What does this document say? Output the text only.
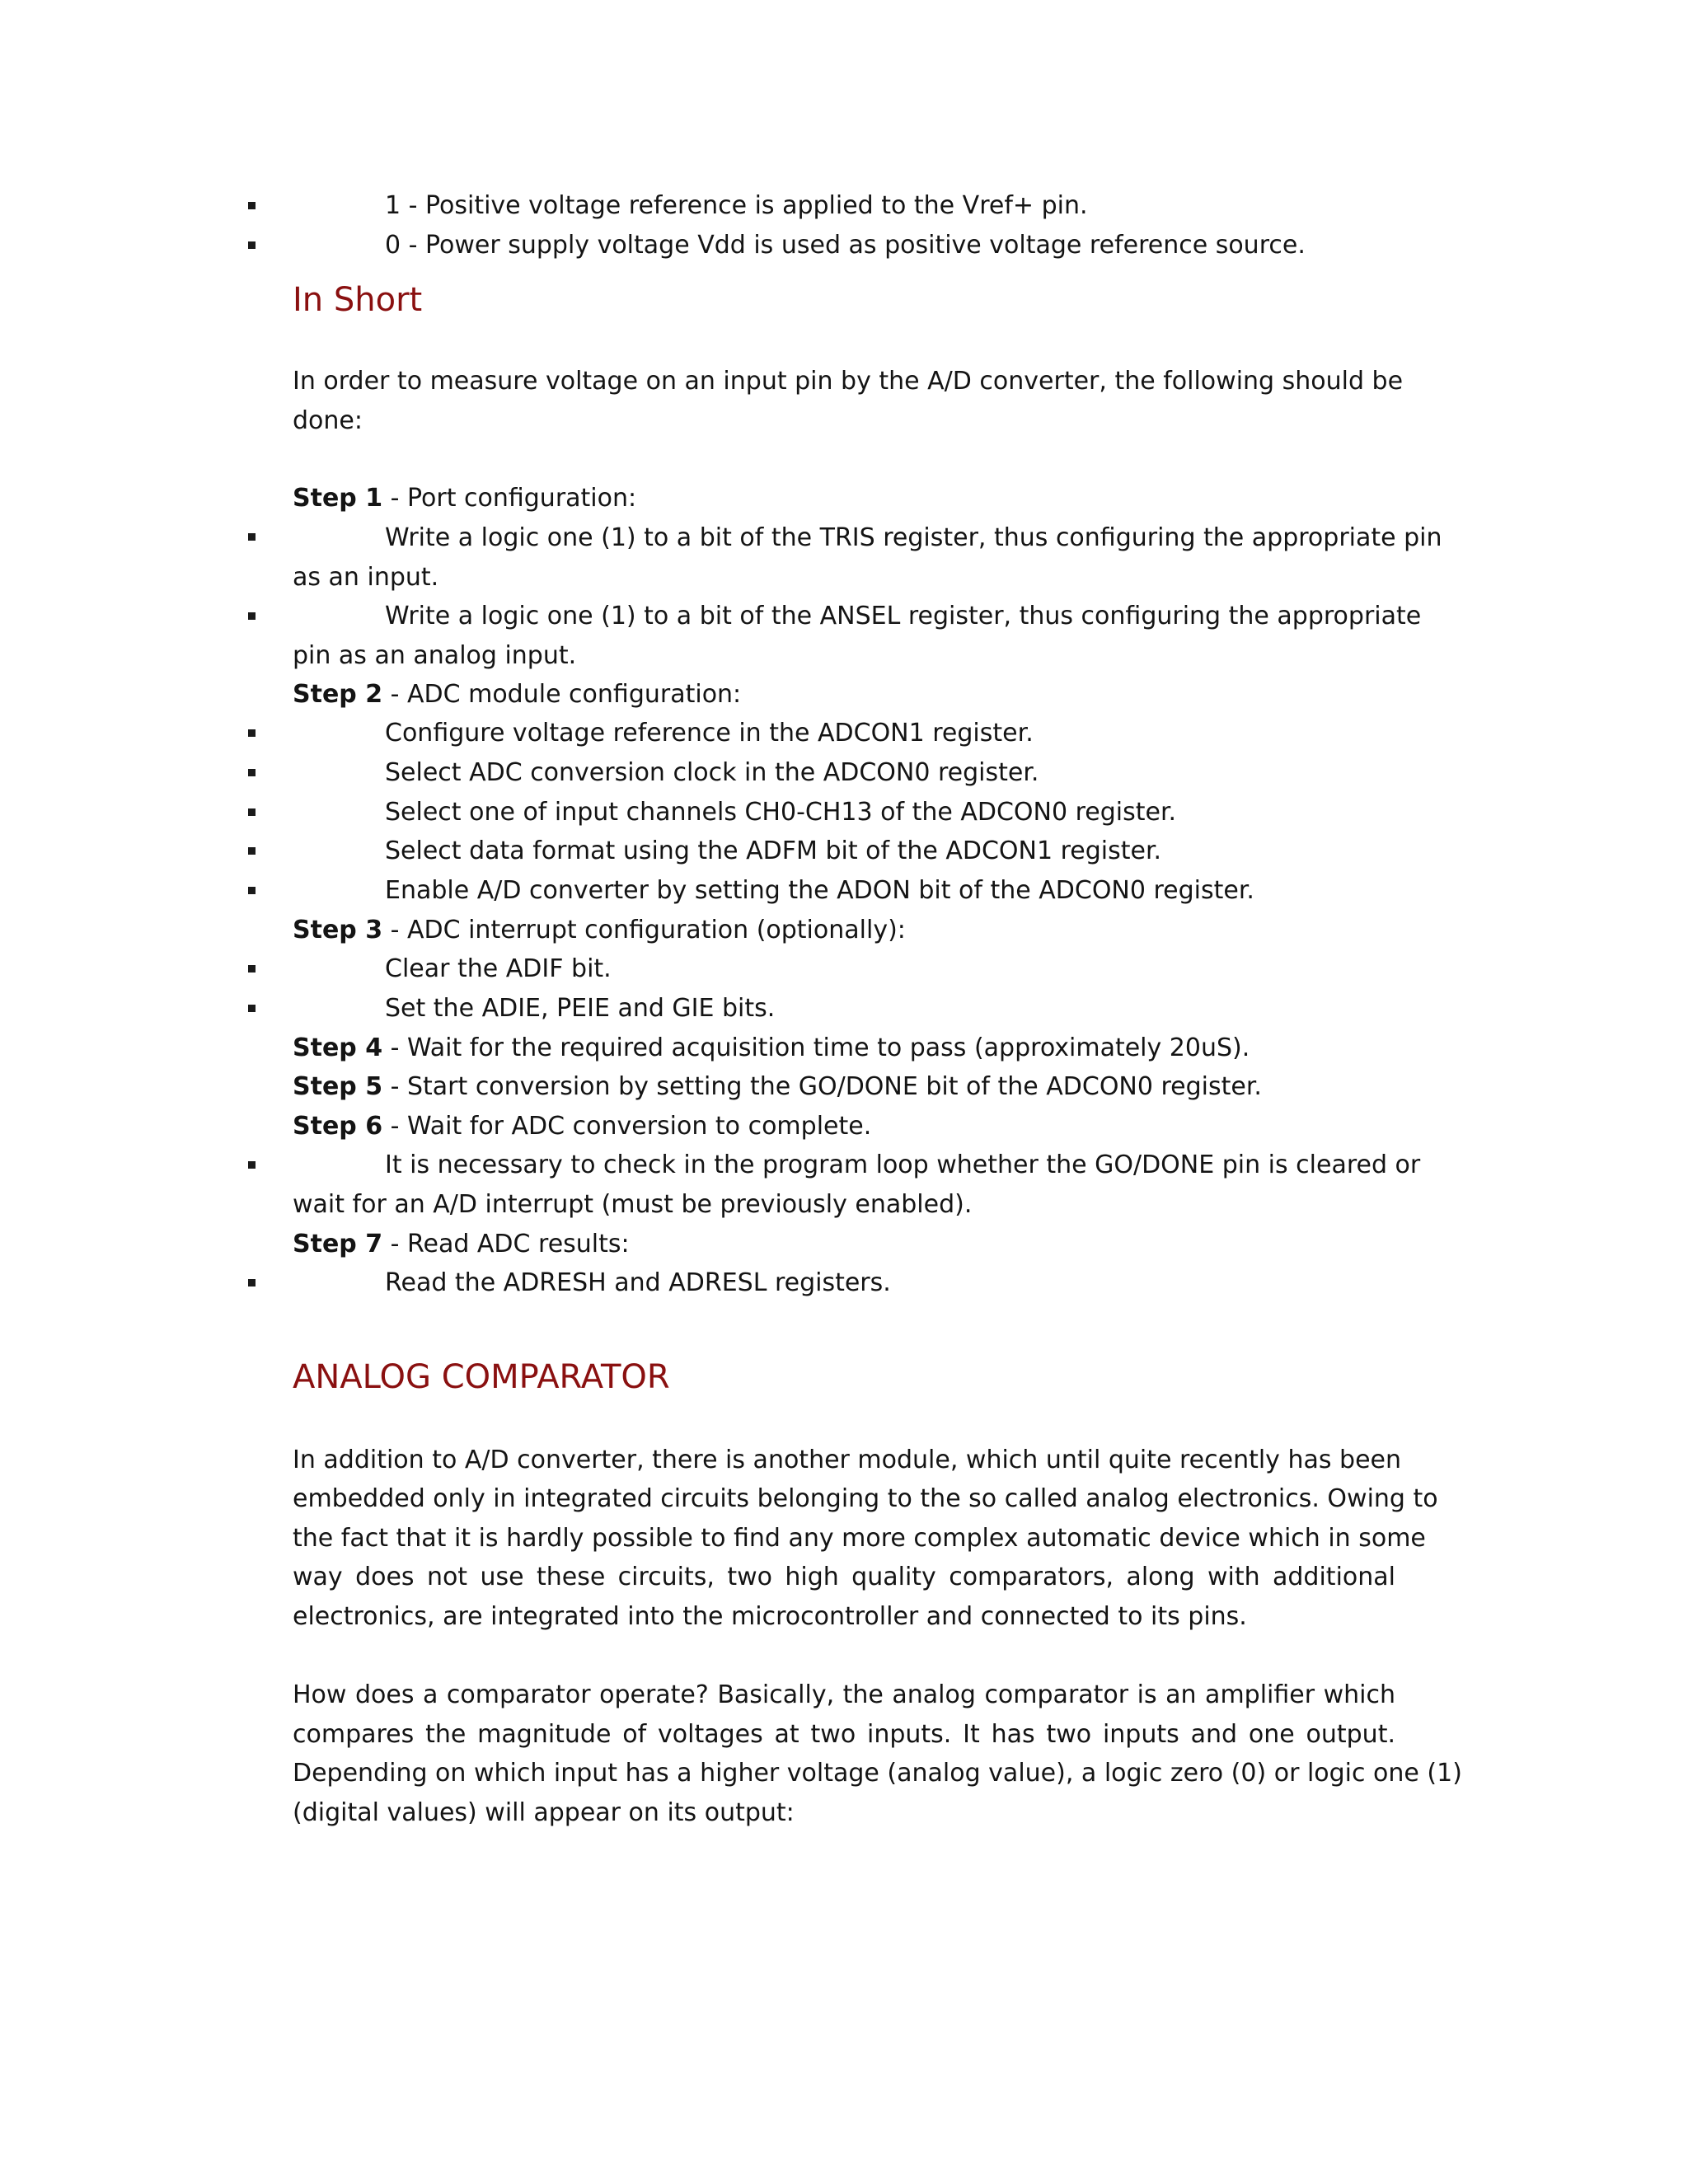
1 - Positive voltage reference is applied to the Vref+ pin.
0 - Power supply voltage Vdd is used as positive voltage reference source.
In Short
In order to measure voltage on an input pin by the A/D converter, the following should be
done:
Step 1 - Port configuration:
Write a logic one (1) to a bit of the TRIS register, thus configuring the appropriate pin
as an input.
Write a logic one (1) to a bit of the ANSEL register, thus configuring the appropriate
pin as an analog input.
Step 2 - ADC module configuration:
Configure voltage reference in the ADCON1 register.
Select ADC conversion clock in the ADCON0 register.
Select one of input channels CH0-CH13 of the ADCON0 register.
Select data format using the ADFM bit of the ADCON1 register.
Enable A/D converter by setting the ADON bit of the ADCON0 register.
Step 3 - ADC interrupt configuration (optionally):
Clear the ADIF bit.
Set the ADIE, PEIE and GIE bits.
Step 4 - Wait for the required acquisition time to pass (approximately 20uS).
Step 5 - Start conversion by setting the GO/DONE bit of the ADCON0 register.
Step 6 - Wait for ADC conversion to complete.
It is necessary to check in the program loop whether the GO/DONE pin is cleared or
wait for an A/D interrupt (must be previously enabled).
Step 7 - Read ADC results:
Read the ADRESH and ADRESL registers.
ANALOG COMPARATOR
In addition to A/D converter, there is another module, which until quite recently has been
embedded only in integrated circuits belonging to the so called analog electronics. Owing to
the fact that it is hardly possible to find any more complex automatic device which in some
way does not use these circuits, two high quality comparators, along with additional
electronics, are integrated into the microcontroller and connected to its pins.
How does a comparator operate? Basically, the analog comparator is an amplifier which
compares the magnitude of voltages at two inputs. It has two inputs and one output.
Depending on which input has a higher voltage (analog value), a logic zero (0) or logic one (1)
(digital values) will appear on its output:
